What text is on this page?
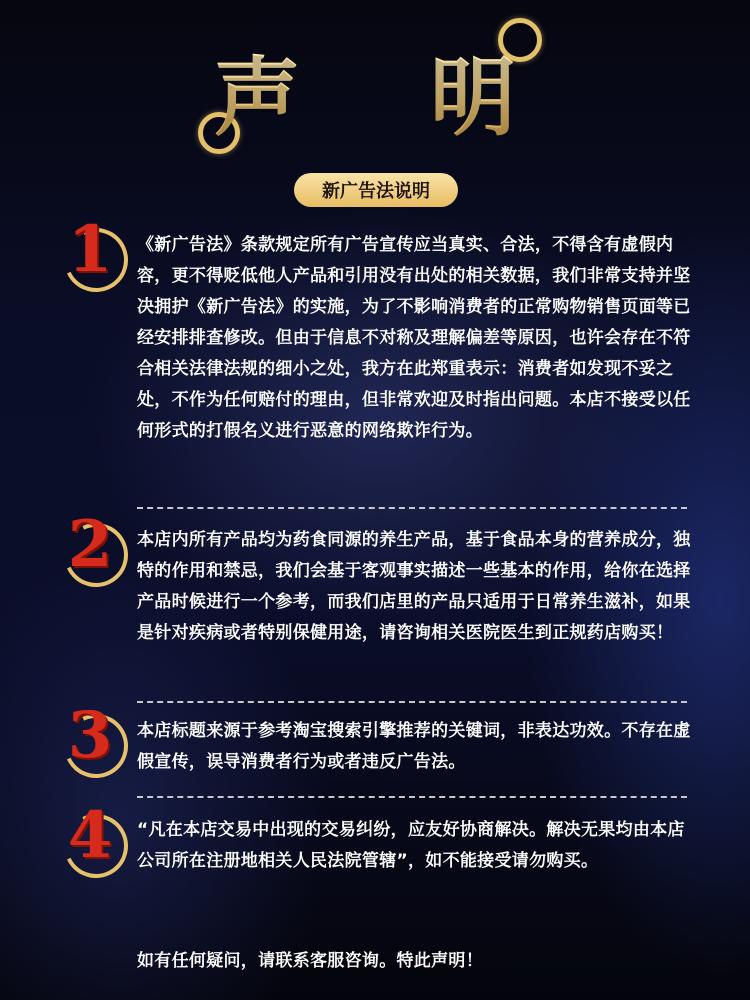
声 明
新广告法说明
1	《新广告法》条款规定所有广告宣传应当真实、合法，不得含有虚假内容，更不得贬低他人产品和引用没有出处的相关数据，我们非常支持并坚决拥护《新广告法》的实施，为了不影响消费者的正常购物销售页面等已经安排排查修改。但由于信息不对称及理解偏差等原因，也许会存在不符合相关法律法规的细小之处，我方在此郑重表示：消费者如发现不妥之处，不作为任何赔付的理由，但非常欢迎及时指出问题。本店不接受以任何形式的打假名义进行恶意的网络欺诈行为。
2	本店内所有产品均为药食同源的养生产品，基于食品本身的营养成分，独特的作用和禁忌，我们会基于客观事实描述一些基本的作用，给你在选择产品时候进行一个参考，而我们店里的产品只适用于日常养生滋补，如果是针对疾病或者特别保健用途，请咨询相关医院医生到正规药店购买！
3	本店标题来源于参考淘宝搜索引擎推荐的关键词，非表达功效。不存在虚假宣传，误导消费者行为或者违反广告法。
4	“凡在本店交易中出现的交易纠纷，应友好协商解决。解决无果均由本店公司所在注册地相关人民法院管辖”，如不能接受请勿购买。
如有任何疑问，请联系客服咨询。特此声明！
